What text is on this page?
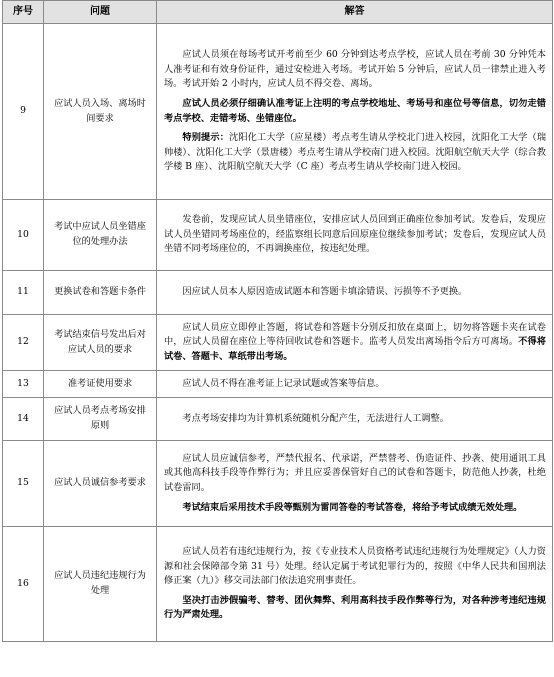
序号	问题	解答
9	应试人员入场、离场时间要求	应试人员须在每场考试开考前至少 60 分钟到达考点学校，应试人员在考前 30 分钟凭本人准考证和有效身份证件，通过安检进入考场。考试开始 5 分钟后，应试人员一律禁止进入考场。考试开始 2 小时内，应试人员不得交卷、离场。

应试人员必须仔细确认准考证上注明的考点学校地址、考场号和座位号等信息，切勿走错考点学校、走错考场、坐错座位。

特别提示：沈阳化工大学（应星楼）考点考生请从学校北门进入校园，沈阳化工大学（瑞帅楼）、沈阳化工大学（景唐楼）考点考生请从学校南门进入校园。沈阳航空航天大学（综合教学楼 B 座）、沈阳航空航天大学（C 座）考点考生请从学校南门进入校园。

10	考试中应试人员坐错座位的处理办法	发卷前，发现应试人员坐错座位，安排应试人员回到正确座位参加考试。发卷后，发现应试人员坐错同考场座位的，经监察组长同意后回原座位继续参加考试；发卷后，发现应试人员坐错不同考场座位的，不再调换座位，按违纪处理。

11	更换试卷和答题卡条件	因应试人员本人原因造成试题本和答题卡填涂错误、污损等不予更换。

12	考试结束信号发出后对应试人员的要求	应试人员应立即停止答题，将试卷和答题卡分别反扣放在桌面上，切勿将答题卡夹在试卷中，应试人员留在座位上等待回收试卷和答题卡。监考人员发出离场指令后方可离场。不得将试卷、答题卡、草纸带出考场。

13	准考证使用要求	应试人员不得在准考证上记录试题或答案等信息。

14	应试人员考点考场安排原则	考点考场安排均为计算机系统随机分配产生，无法进行人工调整。

15	应试人员诚信参考要求	应试人员应诚信参考，严禁代报名、代承诺，严禁替考、伪造证件、抄袭、使用通讯工具或其他高科技手段等作弊行为；并且应妥善保管好自己的试卷和答题卡，防范他人抄袭，杜绝试卷雷同。

考试结束后采用技术手段等甄别为雷同答卷的考试答卷，将给予考试成绩无效处理。

16	应试人员违纪违规行为处理	应试人员若有违纪违规行为，按《专业技术人员资格考试违纪违规行为处理规定》（人力资源和社会保障部令第 31 号）处理。经认定属于考试犯罪行为的，按照《中华人民共和国刑法修正案（九）》移交司法部门依法追究刑事责任。

坚决打击涉假骗考、替考、团伙舞弊、利用高科技手段作弊等行为，对各种涉考违纪违规行为严肃处理。
